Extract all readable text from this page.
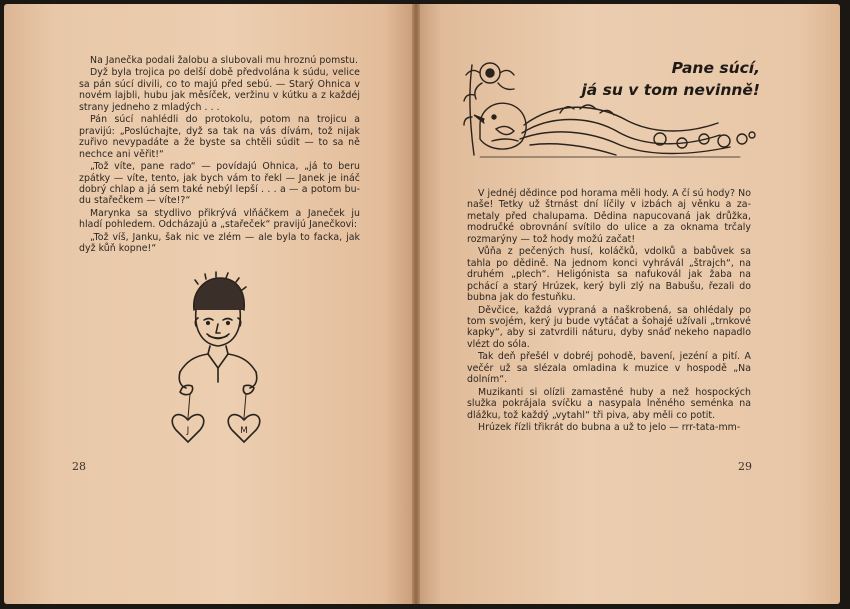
Na Janečka podali žalobu a slubovali mu hroznú pomstu.

Dyž byla trojica po delší době předvolána k súdu, velice sa pán súcí divili, co to majú před sebú. — Starý Ohnica v novém lajbli, hubu jak měsíček, veržinu v kútku a z každéj strany jedneho z mladých . . .

Pán súcí nahlédli do protokolu, potom na trojicu a pravijú: „Poslúchajte, dyž sa tak na vás dívám, tož nijak zuřivo nevypadáte a že byste sa chtěli súdit — to sa ně nechce ani věřit!“

„Tož víte, pane rado“ — povídajú Ohnica, „já to beru zpátky — víte, tento, jak bych vám to řekl — Janek je ináč dobrý chlap a já sem také nebýl lepší . . . a — a potom budu stařečkem — víte!?“

Marynka sa stydlivo přikrývá vlňáčkem a Janeček ju hladí pohledem. Odcházajú a „stařeček“ pravijú Janečkovi:

„Tož víš, Janku, šak nic ve zlém — ale byla to facka, jak dyž kůň kopne!“

J	M
28
Pane súcí,
já su v tom nevinně!

V jednéj dědince pod horama měli hody. A čí sú hody? No naše! Tetky už štrnást dní líčily v izbách aj věnku a zametaly před chalupama. Dědina napucovaná jak drůžka, modručké obrovnání svítilo do ulice a za oknama trčaly rozmarýny — tož hody možú začat!

Vůňa z pečených husí, koláčků, vdolků a babůvek sa tahla po dědině. Na jednom konci vyhrávál „štrajch“, na druhém „plech“. Heligónista sa nafukovál jak žaba na pchácí a starý Hrúzek, kerý byli zlý na Babušu, řezali do bubna jak do festuňku.

Děvčice, každá vypraná a naškrobená, sa ohlédaly po tom svojém, kerý ju bude vytáčat a šohajé užívali „trnkové kapky“, aby si zatvrdili náturu, dyby snáď nekeho napadlo vlézt do sóla.

Tak deň přešél v dobréj pohodě, bavení, jezéní a pití. A večér už sa slézala omladina k muzice v hospodě „Na dolním“.

Muzikanti si olízli zamastěné huby a než hospockých služka pokrájala svíčku a nasypala lněného seménka na dlážku, tož každý „vytahl“ tři piva, aby měli co potit.

Hrúzek řízli třikrát do bubna a už to jelo — rrr-tata-mm-

29
